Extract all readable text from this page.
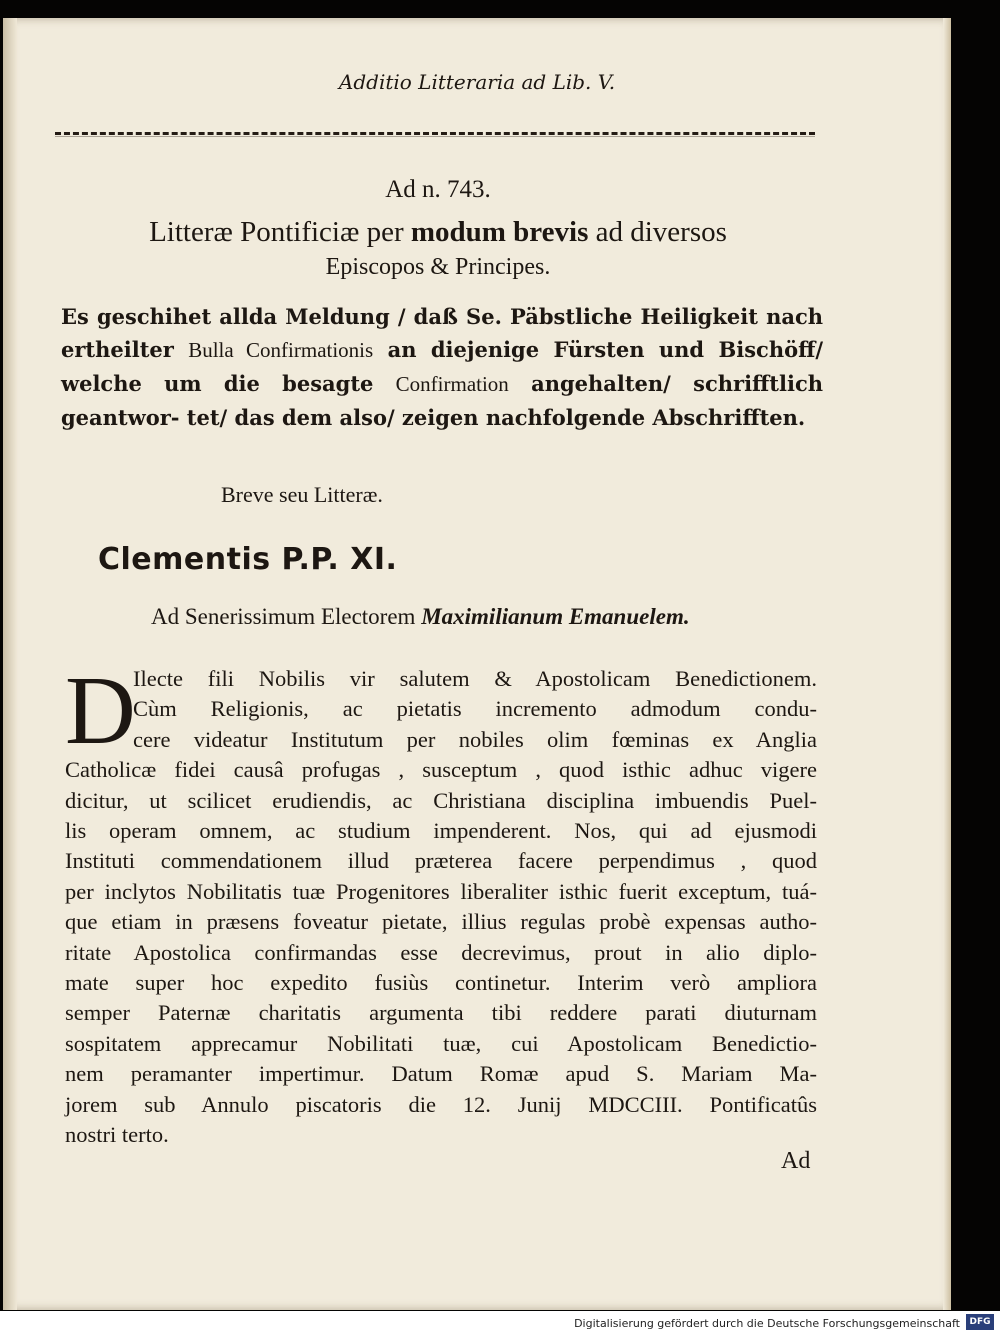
Additio Litteraria ad Lib. V.
Ad n. 743.
Litteræ Pontificiæ per modum brevis ad diversos
Episcopos & Principes.
Es geschihet allda Meldung / daß Se. Päbstliche Heiligkeit nach ertheilter Bulla Confirmationis an diejenige Fürsten und Bischöff/ welche um die besagte Confirmation angehalten/ schrifftlich geantwor- tet/ das dem also/ zeigen nachfolgende Abschrifften.
Breve seu Litteræ.
Clementis P.P. XI.
Ad Senerissimum Electorem Maximilianum Emanuelem.
D
Ilecte fili Nobilis vir salutem & Apostolicam Benedictionem.
Cùm Religionis, ac pietatis incremento admodum condu-
cere videatur Institutum per nobiles olim fœminas ex Anglia
Catholicæ fidei causâ profugas , susceptum , quod isthic adhuc vigere
dicitur, ut scilicet erudiendis, ac Christiana disciplina imbuendis Puel-
lis operam omnem, ac studium impenderent. Nos, qui ad ejusmodi
Instituti commendationem illud præterea facere perpendimus , quod
per inclytos Nobilitatis tuæ Progenitores liberaliter isthic fuerit exceptum, tuá-
que etiam in præsens foveatur pietate, illius regulas probè expensas autho-
ritate Apostolica confirmandas esse decrevimus, prout in alio diplo-
mate super hoc expedito fusiùs continetur. Interim verò ampliora
semper Paternæ charitatis argumenta tibi reddere parati diuturnam
sospitatem apprecamur Nobilitati tuæ, cui Apostolicam Benedictio-
nem peramanter impertimur. Datum Romæ apud S. Mariam Ma-
jorem sub Annulo piscatoris die 12. Junij MDCCIII. Pontificatûs
nostri terto.
Ad
Digitalisierung gefördert durch die Deutsche Forschungsgemeinschaft	DFG
